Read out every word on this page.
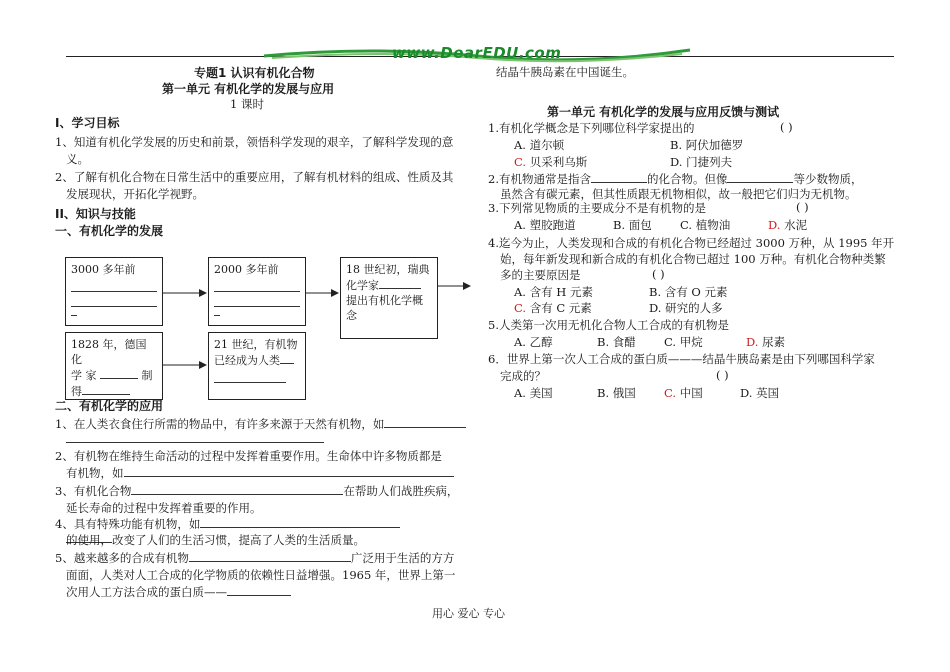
www.DearEDU.com
专题1 认识有机化合物
第一单元 有机化学的发展与应用
1 课时
I、学习目标
1、知道有机化学发展的历史和前景，领悟科学发现的艰辛，了解科学发现的意
义。
2、了解有机化合物在日常生活中的重要应用，了解有机材料的组成、性质及其
发展现状，开拓化学视野。
II、知识与技能
一、有机化学的发展
3000 多年前	2000 多年前	18 世纪初，瑞典
化学家
提出有机化学概
念
1828 年，德国化
学 家	制
得
21 世纪，有机物
已经成为人类
二、有机化学的应用
1、在人类衣食住行所需的物品中，有许多来源于天然有机物，如
2、有机物在维持生命活动的过程中发挥着重要作用。生命体中许多物质都是
有机物，如
3、有机化合物	在帮助人们战胜疾病，
延长寿命的过程中发挥着重要的作用。
4、具有特殊功能有机物，如
的使用，改变了人们的生活习惯，提高了人类的生活质量。
5、越来越多的合成有机物	广泛用于生活的方方
面面，人类对人工合成的化学物质的依赖性日益增强。1965 年，世界上第一
次用人工方法合成的蛋白质——
结晶牛胰岛素在中国诞生。
第一单元 有机化学的发展与应用反馈与测试
1.有机化学概念是下列哪位科学家提出的	( )
A. 道尔顿	B. 阿伏加德罗
C. 贝采利乌斯	D. 门捷列夫
2.有机物通常是指含	的化合物。但像	等少数物质，
虽然含有碳元素，但其性质跟无机物相似，故一般把它们归为无机物。
3.下列常见物质的主要成分不是有机物的是	( )
A. 塑胶跑道	B. 面包 C. 植物油	D. 水泥
4.迄今为止，人类发现和合成的有机化合物已经超过 3000 万种，从 1995 年开
始，每年新发现和新合成的有机化合物已超过 100 万种。有机化合物种类繁
多的主要原因是	( )
A. 含有 H 元素	B. 含有 O 元素
C. 含有 C 元素	D. 研究的人多
5.人类第一次用无机化合物人工合成的有机物是
A. 乙醇	B. 食醋 C. 甲烷	D. 尿素
6．世界上第一次人工合成的蛋白质———结晶牛胰岛素是由下列哪国科学家
完成的？	( )
A. 美国	B. 俄国 C. 中国	D. 英国
用心 爱心 专心
